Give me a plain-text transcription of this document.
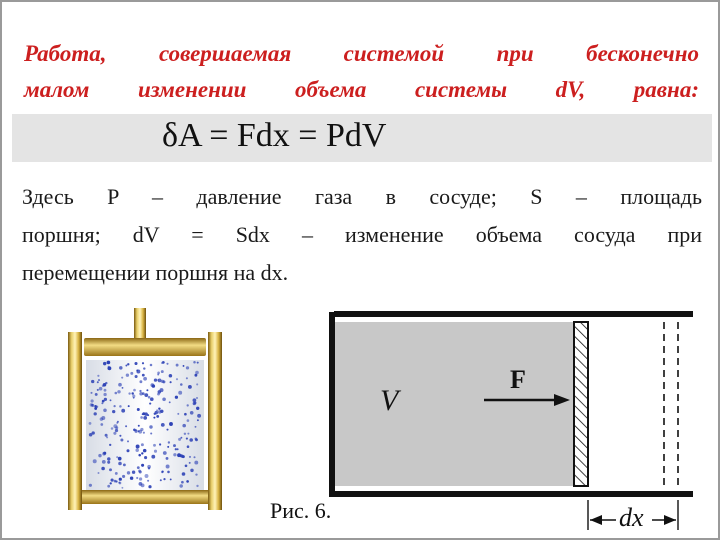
Работа, совершаемая системой при бесконечно
малом изменении объема системы dV, равна:
δA = Fdx = PdV
Здесь P – давление газа в сосуде; S – площадь
поршня; dV = Sdx – изменение объема сосуда при
перемещении поршня на dx.
F
V
dx
Рис. 6.
